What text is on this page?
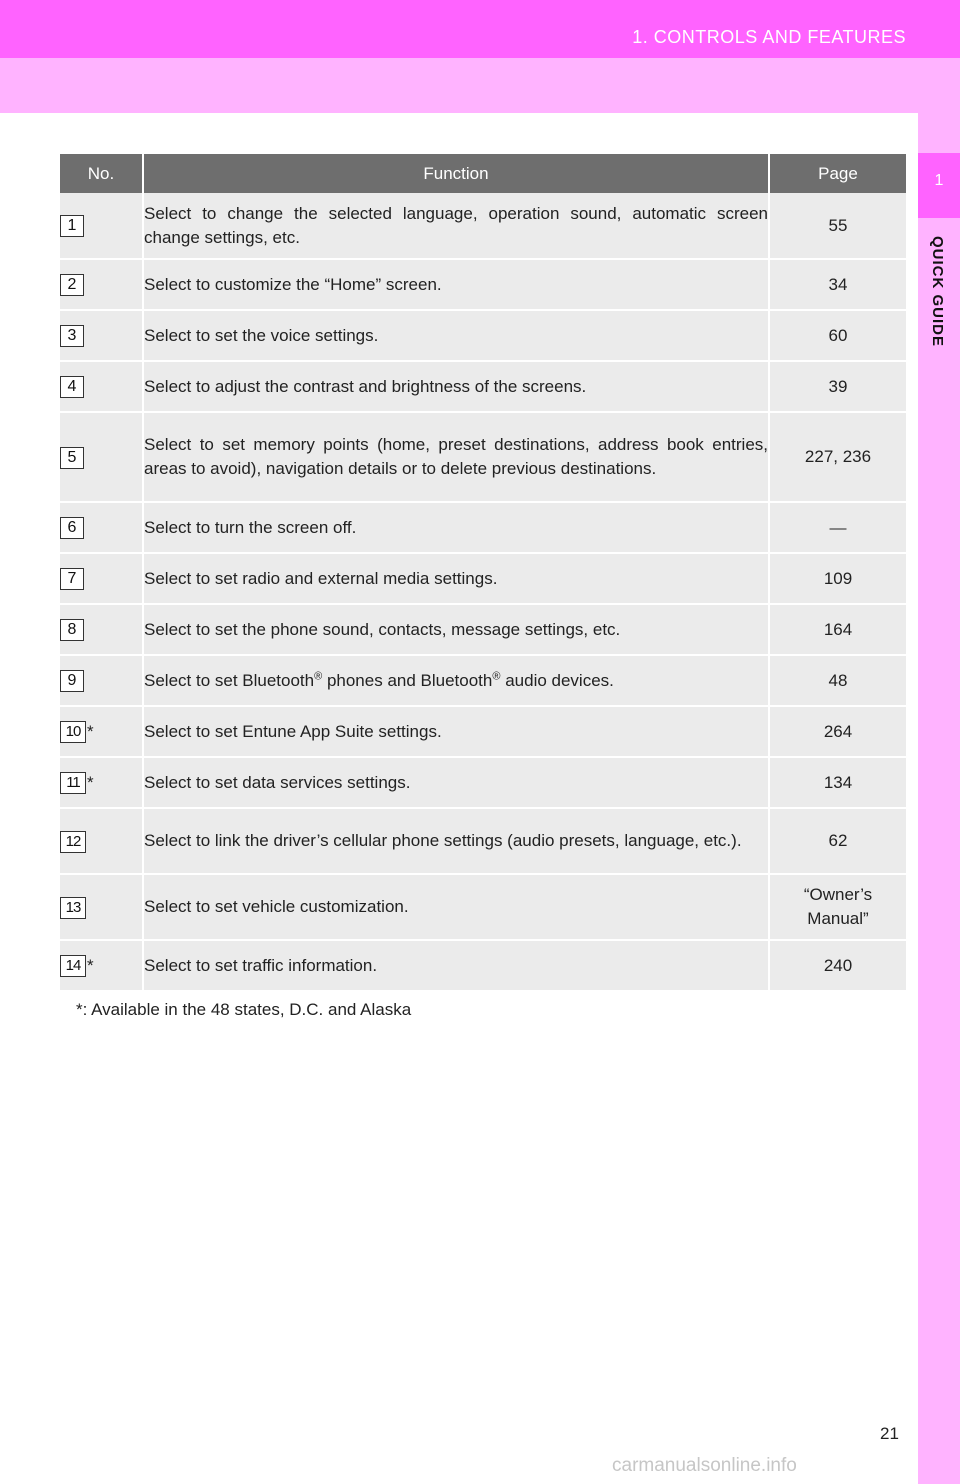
1. CONTROLS AND FEATURES
1
QUICK GUIDE
No.	Function	Page
1	Select to change the selected language, operation sound, automatic screen change settings, etc.	55
2	Select to customize the “Home” screen.	34
3	Select to set the voice settings.	60
4	Select to adjust the contrast and brightness of the screens.	39
5	Select to set memory points (home, preset destinations, address book entries, areas to avoid), navigation details or to delete previous destinations.	227, 236
6	Select to turn the screen off.	⎯⎯
7	Select to set radio and external media settings.	109
8	Select to set the phone sound, contacts, message settings, etc.	164
9	Select to set Bluetooth® phones and Bluetooth® audio devices.	48
10 *	Select to set Entune App Suite settings.	264
11 *	Select to set data services settings.	134
12	Select to link the driver’s cellular phone settings (audio presets, language, etc.).	62
13	Select to set vehicle customization.	“Owner’s
Manual”
14 *	Select to set traffic information.	240
*: Available in the 48 states, D.C. and Alaska
21
carmanualsonline.info
